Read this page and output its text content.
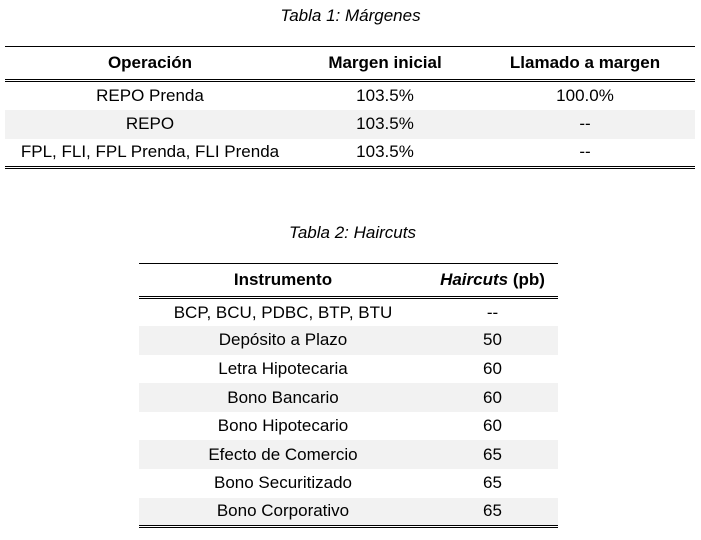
Tabla 1: Márgenes
Operación	Margen inicial	Llamado a margen
REPO Prenda	103.5%	100.0%
REPO	103.5%	--
FPL, FLI, FPL Prenda, FLI Prenda	103.5%	--
Tabla 2: Haircuts
Instrumento	Haircuts (pb)
BCP, BCU, PDBC, BTP, BTU	--
Depósito a Plazo	50
Letra Hipotecaria	60
Bono Bancario	60
Bono Hipotecario	60
Efecto de Comercio	65
Bono Securitizado	65
Bono Corporativo	65
